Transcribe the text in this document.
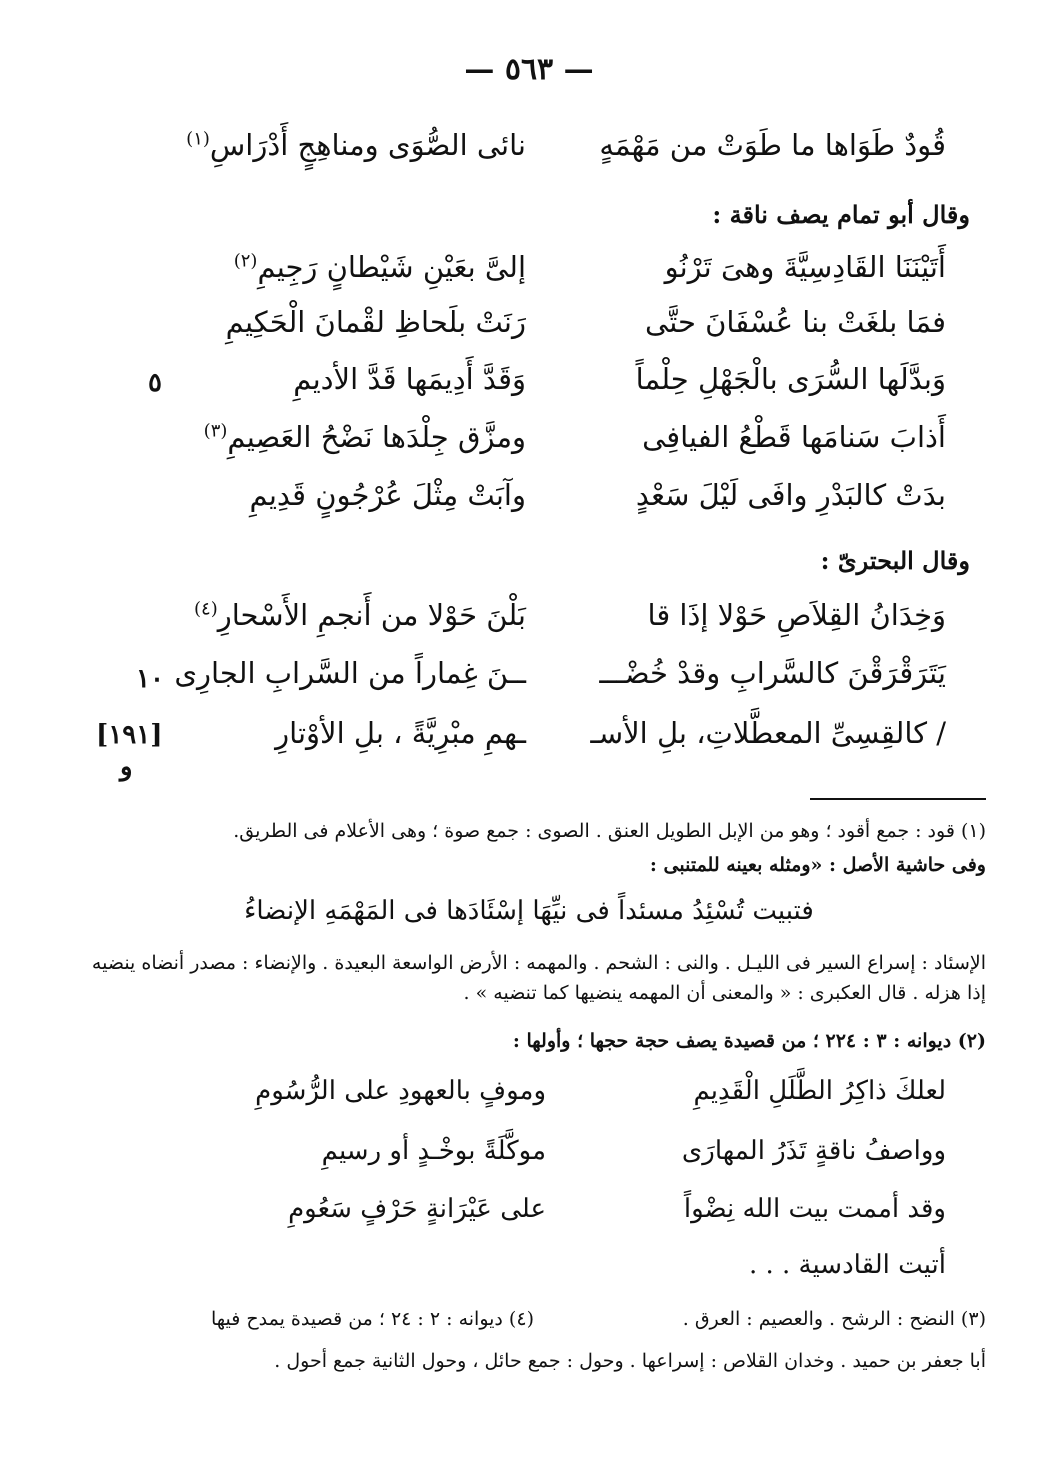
— ٥٦٣ —
قُودٌ طَوَاها ما طَوَتْ من مَهْمَهٍ
نائى الصُّوَى ومناهِجٍ أَدْرَاسِ$^{(١)}$
وقال أبو تمام يصف ناقة :
أَتَيْنَنَا القَادِسِيَّةَ وهىَ تَرْنُو
إلىَّ بعَيْنِ شَيْطانٍ رَجِيمِ$^{(٢)}$
فمَا بلغَتْ بنا عُسْفَانَ حتَّى
رَنَتْ بلَحاظِ لقْمانَ الْحَكِيمِ
وَبدَّلَها السُّرَى بالْجَهْلِ حِلْماً
وَقَدَّ أَدِيمَها قَدَّ الأديمِ
٥
أَذابَ سَنامَها قَطْعُ الفيافِى
ومزَّق جِلْدَها نَضْحُ العَصِيمِ$^{(٣)}$
بدَتْ كالبَدْرِ وافَى لَيْلَ سَعْدٍ
وآبَتْ مِثْلَ عُرْجُونٍ قَدِيمِ
وقال البحترىّ :
وَخِدَانُ القِلاَصِ حَوْلا إذَا قا
بَلْنَ حَوْلا من أَنجمِ الأَسْحارِ$^{(٤)}$
يَتَرَقْرَقْنَ كالسَّرابِ وقدْ خُضْـــ
ــنَ غِماراً من السَّرابِ الجارِى
١٠
/ كالقِسِىِّ المعطَّلاتِ، بلِ الأسـ
ـهمِ مبْرِيَّةً ، بلِ الأوْتارِ
[١٩١]
و
(١) قود : جمع أقود ؛ وهو من الإبل الطويل العنق . الصوى : جمع صوة ؛ وهى الأعلام فى الطريق.
وفى حاشية الأصل : «ومثله بعينه للمتنبى :
فتبيت تُسْئِدُ مسئداً فى نيِّهَا إسْئَادَها فى المَهْمَهِ الإنضاءُ
الإسئاد : إسراع السير فى الليـل . والنى : الشحم . والمهمه : الأرض الواسعة البعيدة . والإنضاء : مصدر أنضاه ينضيه إذا هزله . قال العكبرى : « والمعنى أن المهمه ينضيها كما تنضيه » .
(٢) ديوانه : ٣ : ٢٢٤ ؛ من قصيدة يصف حجة حجها ؛ وأولها :
لعلكَ ذاكِرُ الطَّلَلِ الْقَدِيمِ
وموفٍ بالعهودِ على الرُّسُومِ
وواصفُ ناقةٍ تَذَرُ المهارَى
موكَّلَةً بوخْـدٍ أو رسيمِ
وقد أممت بيت الله نِضْواً
على عَيْرَانةٍ حَرْفٍ سَعُومِ
أتيت القادسية . . .
(٣) النضح : الرشح . والعصيم : العرق .
(٤) ديوانه : ٢ : ٢٤ ؛ من قصيدة يمدح فيها
أبا جعفر بن حميد . وخدان القلاص : إسراعها . وحول : جمع حائل ، وحول الثانية جمع أحول .
